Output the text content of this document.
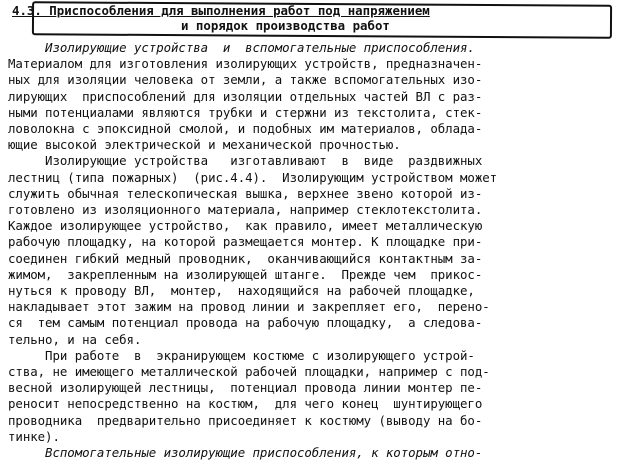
4.3. Приспособления для выполнения работ под напряжением
и порядок производства работ
Изолирующие устройства  и  вспомогательные приспособления.
Материалом для изготовления изолирующих устройств, предназначен-
ных для изоляции человека от земли, а также вспомогательных изо-
лирующих  приспособлений для изоляции отдельных частей ВЛ с раз-
ными потенциалами являются трубки и стержни из текстолита, стек-
ловолокна с эпоксидной смолой, и подобных им материалов, облада-
ющие высокой электрической и механической прочностью.
Изолирующие устройства   изготавливают  в  виде  раздвижных
лестниц (типа пожарных)  (рис.4.4).  Изолирующим устройством может
служить обычная телескопическая вышка, верхнее звено которой из-
готовлено из изоляционного материала, например стеклотекстолита.
Каждое изолирующее устройство,  как правило, имеет металлическую
рабочую площадку, на которой размещается монтер. К площадке при-
соединен гибкий медный проводник,  оканчивающийся контактным за-
жимом,  закрепленным на изолирующей штанге.  Прежде чем  прикос-
нуться к проводу ВЛ,  монтер,  находящийся на рабочей площадке,
накладывает этот зажим на провод линии и закрепляет его,  перено-
ся  тем самым потенциал провода на рабочую площадку,  а следова-
тельно, и на себя.
При работе  в  экранирующем костюме с изолирующего устрой-
ства, не имеющего металлической рабочей площадки, например с под-
весной изолирующей лестницы,  потенциал провода линии монтер пе-
реносит непосредственно на костюм,  для чего конец  шунтирующего
проводника  предварительно присоединяет к костюму (выводу на бо-
тинке).
Вспомогательные изолирующие приспособления, к которым отно-
